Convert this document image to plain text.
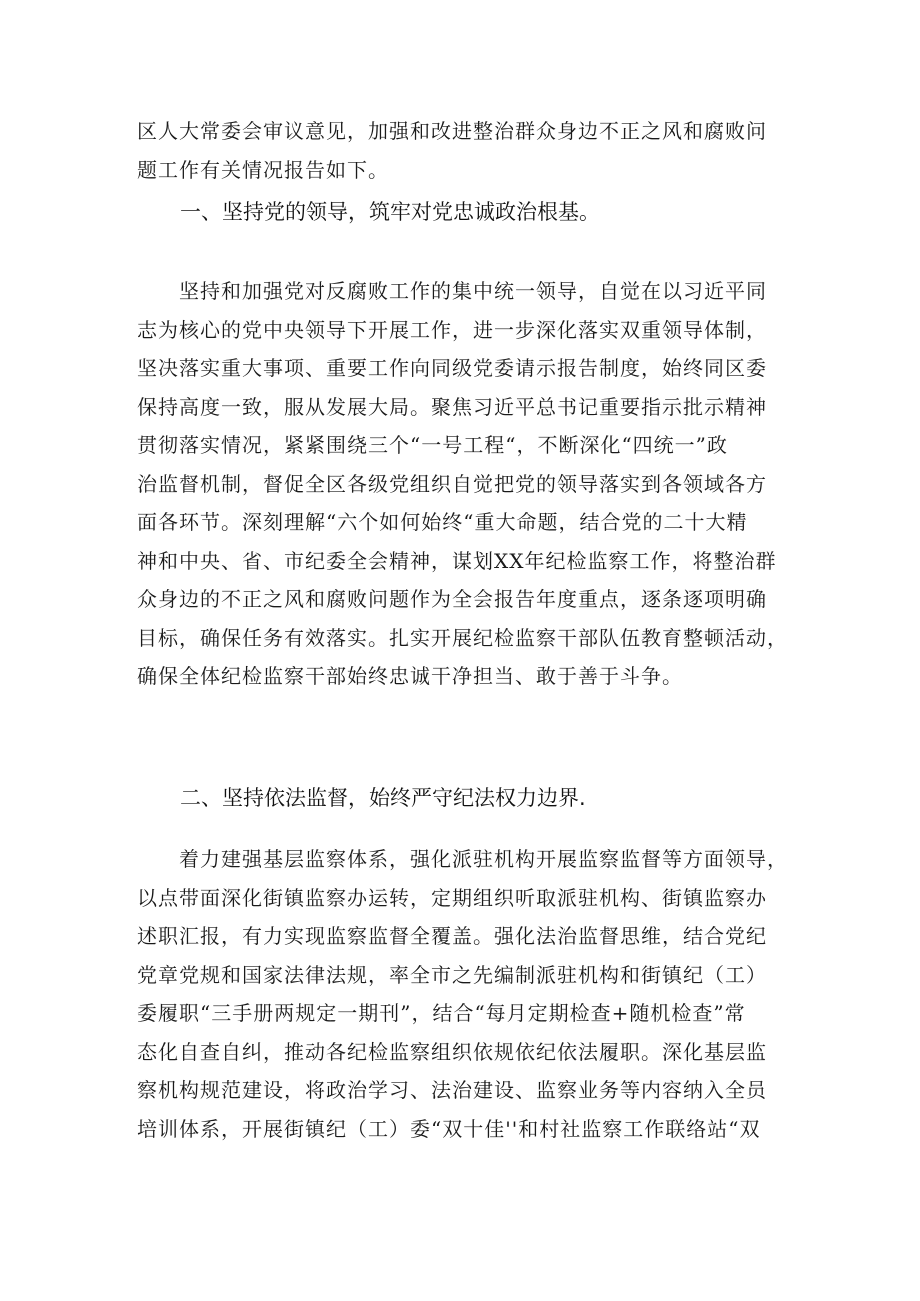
区人大常委会审议意见，加强和改进整治群众身边不正之风和腐败问
题工作有关情况报告如下。
一、坚持党的领导，筑牢对党忠诚政治根基。
　　坚持和加强党对反腐败工作的集中统一领导，自觉在以习近平同
志为核心的党中央领导下开展工作，进一步深化落实双重领导体制，
坚决落实重大事项、重要工作向同级党委请示报告制度，始终同区委
保持高度一致，服从发展大局。聚焦习近平总书记重要指示批示精神
贯彻落实情况，紧紧围绕三个“一号工程“，不断深化“四统一”政
治监督机制，督促全区各级党组织自觉把党的领导落实到各领域各方
面各环节。深刻理解“六个如何始终“重大命题，结合党的二十大精
神和中央、省、市纪委全会精神，谋划XX年纪检监察工作，将整治群
众身边的不正之风和腐败问题作为全会报告年度重点，逐条逐项明确
目标，确保任务有效落实。扎实开展纪检监察干部队伍教育整顿活动，
确保全体纪检监察干部始终忠诚干净担当、敢于善于斗争。
二、坚持依法监督，始终严守纪法权力边界.
　　着力建强基层监察体系，强化派驻机构开展监察监督等方面领导，
以点带面深化街镇监察办运转，定期组织听取派驻机构、街镇监察办
述职汇报，有力实现监察监督全覆盖。强化法治监督思维，结合党纪
党章党规和国家法律法规，率全市之先编制派驻机构和街镇纪（工）
委履职“三手册两规定一期刊”，结合“每月定期检查+随机检查”常
态化自查自纠，推动各纪检监察组织依规依纪依法履职。深化基层监
察机构规范建设，将政治学习、法治建设、监察业务等内容纳入全员
培训体系，开展街镇纪（工）委“双十佳''和村社监察工作联络站“双
